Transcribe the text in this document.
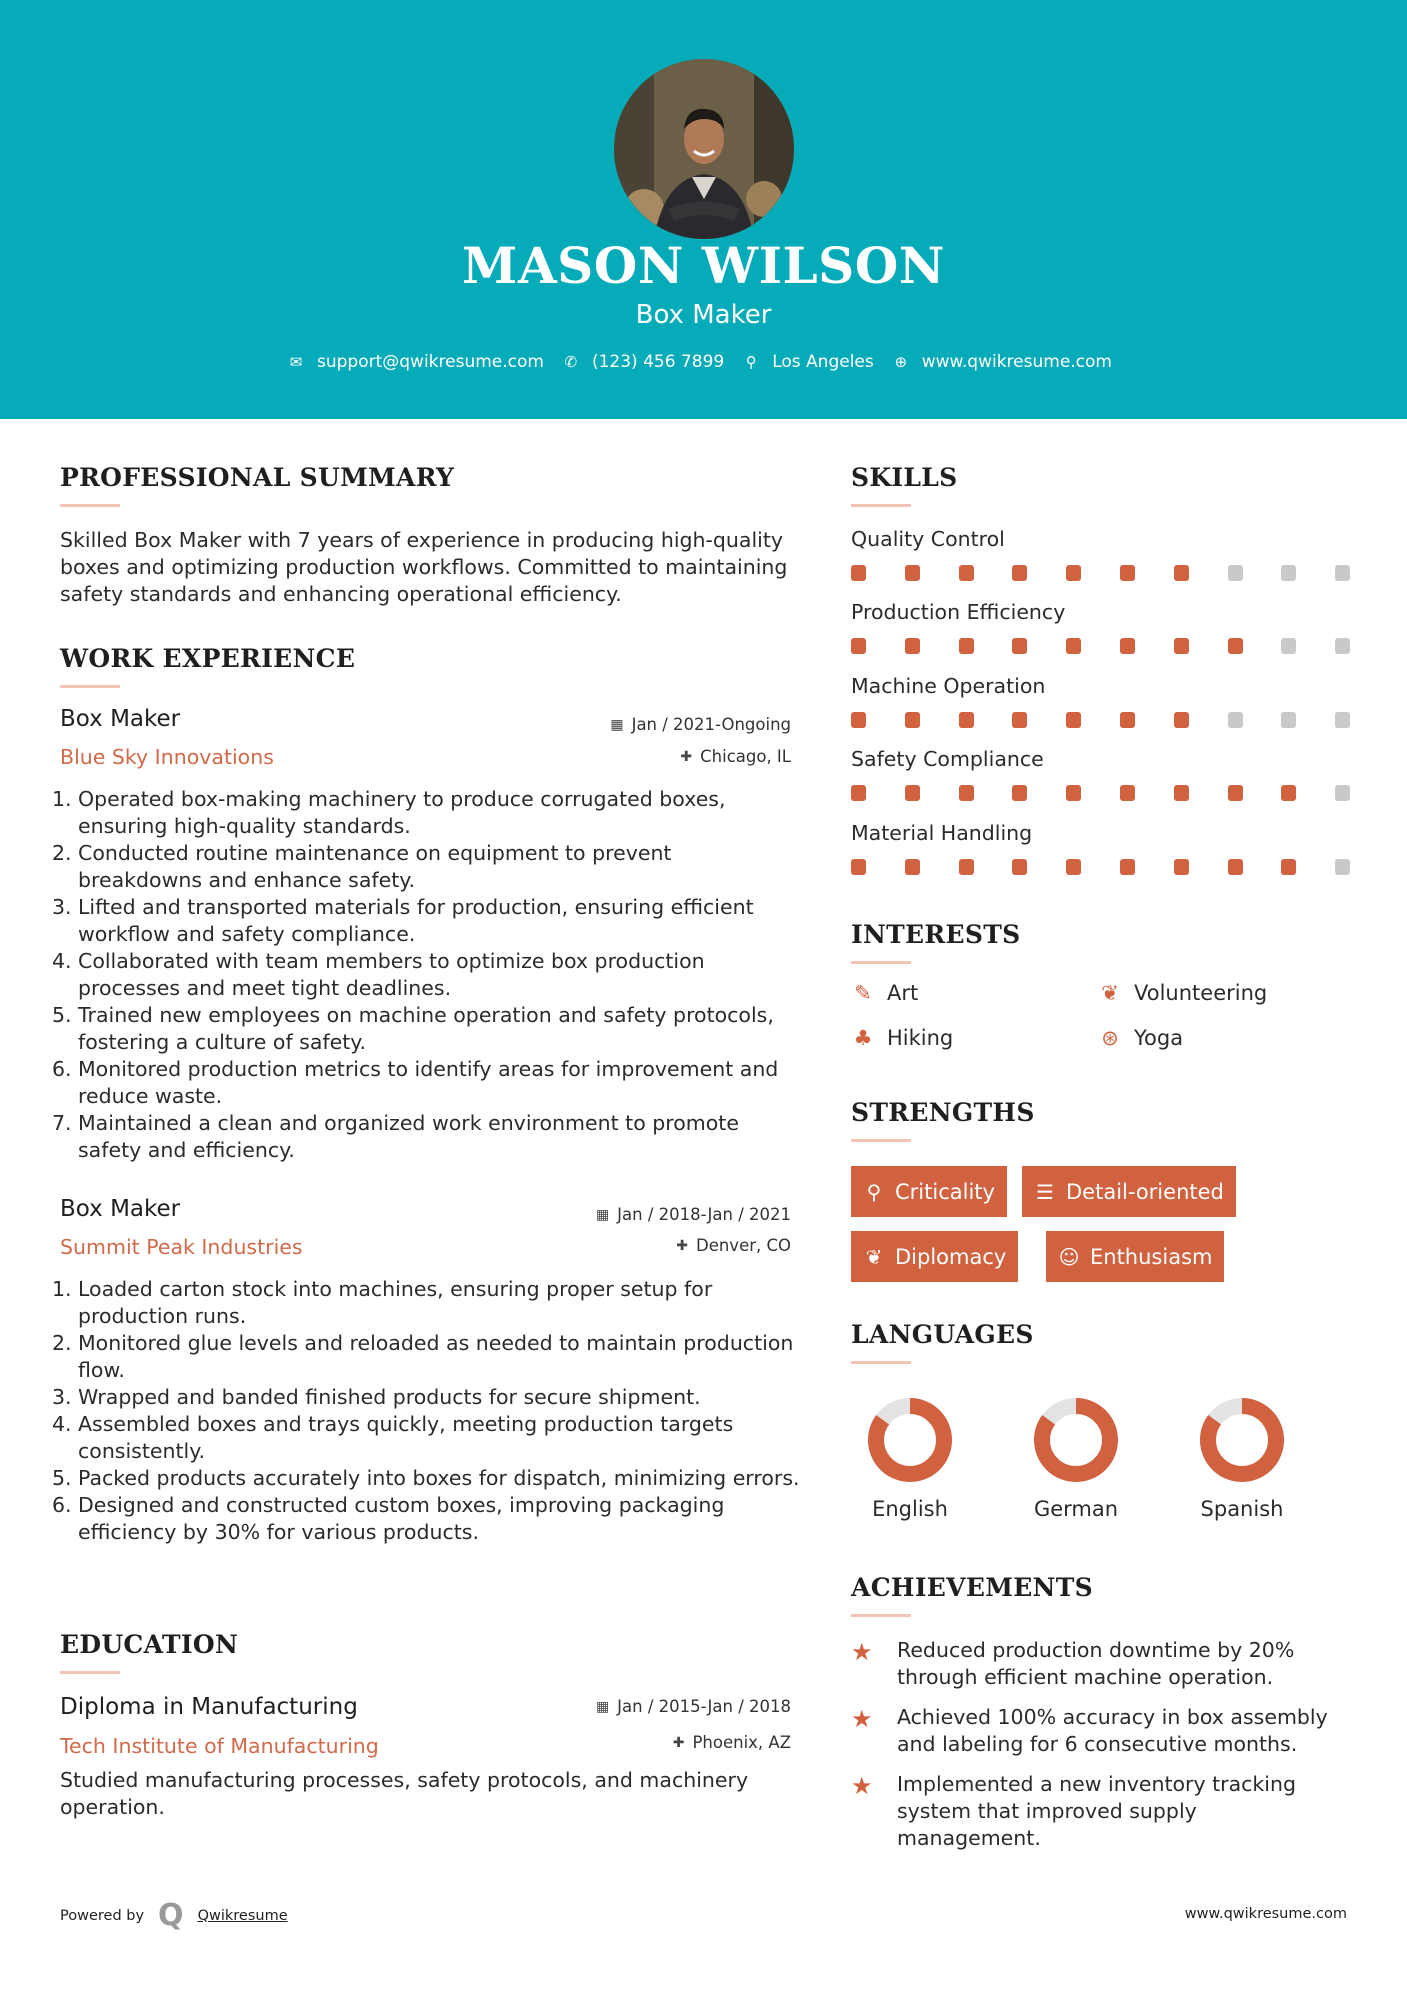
MASON WILSON
Box Maker
✉ support@qwikresume.com ✆ (123) 456 7899 ⚲ Los Angeles ⊕ www.qwikresume.com
PROFESSIONAL SUMMARY
Skilled Box Maker with 7 years of experience in producing high-quality boxes and optimizing production workflows. Committed to maintaining safety standards and enhancing operational efficiency.
WORK EXPERIENCE
Box Maker	▦ Jan / 2021-Ongoing
Blue Sky Innovations	✚ Chicago, IL
1. Operated box-making machinery to produce corrugated boxes, ensuring high-quality standards.
2. Conducted routine maintenance on equipment to prevent breakdowns and enhance safety.
3. Lifted and transported materials for production, ensuring efficient workflow and safety compliance.
4. Collaborated with team members to optimize box production processes and meet tight deadlines.
5. Trained new employees on machine operation and safety protocols, fostering a culture of safety.
6. Monitored production metrics to identify areas for improvement and reduce waste.
7. Maintained a clean and organized work environment to promote safety and efficiency.
Box Maker	▦ Jan / 2018-Jan / 2021
Summit Peak Industries	✚ Denver, CO
1. Loaded carton stock into machines, ensuring proper setup for production runs.
2. Monitored glue levels and reloaded as needed to maintain production flow.
3. Wrapped and banded finished products for secure shipment.
4. Assembled boxes and trays quickly, meeting production targets consistently.
5. Packed products accurately into boxes for dispatch, minimizing errors.
6. Designed and constructed custom boxes, improving packaging efficiency by 30% for various products.
EDUCATION
Diploma in Manufacturing	▦ Jan / 2015-Jan / 2018
Tech Institute of Manufacturing	✚ Phoenix, AZ
Studied manufacturing processes, safety protocols, and machinery operation.
SKILLS
Quality Control
Production Efficiency
Machine Operation
Safety Compliance
Material Handling
INTERESTS
✎ Art	❦ Volunteering
♣ Hiking	⊛ Yoga
STRENGTHS
⚲ Criticality ☰ Detail-oriented
❦ Diplomacy	☺ Enthusiasm
LANGUAGES
English	German	Spanish
ACHIEVEMENTS
★	Reduced production downtime by 20% through efficient machine operation.
★	Achieved 100% accuracy in box assembly and labeling for 6 consecutive months.
★	Implemented a new inventory tracking system that improved supply management.
Powered by Q Qwikresume	www.qwikresume.com
